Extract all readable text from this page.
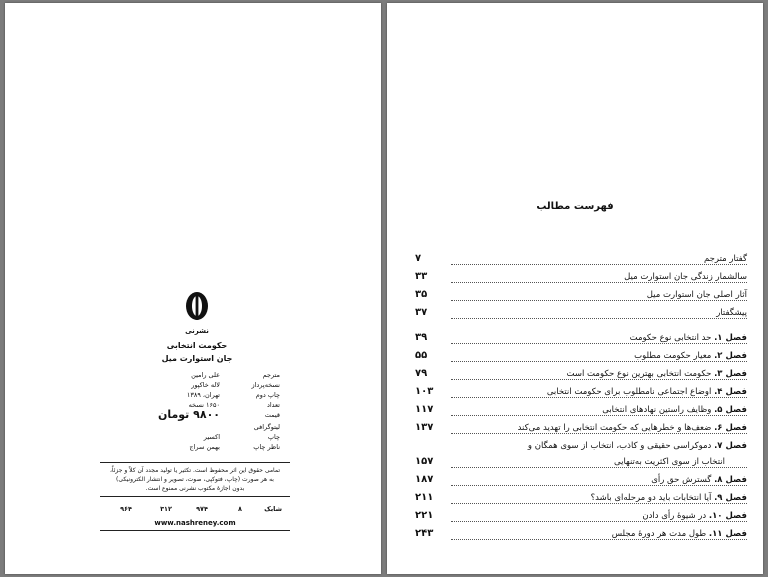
نشرنی
حکومت انتخابی
جان استوارت میل
مترجم
علی رامین
نسخه‌پرداز
لاله خاکپور
چاپ دوم
تهران، ۱۳۸۹
تعداد
۱۶۵۰ نسخه
قیمت
۹۸۰۰ تومان
لیتوگرافی
چاپ
اکسیر
ناظر چاپ
بهمن سراج
تمامی حقوق این اثر محفوظ است. تکثیر یا تولید مجدد آن کلاً و جزئاً،
به هر صورت (چاپ، فتوکپی، صوت، تصویر و انتشار الکترونیکی)
بدون اجازهٔ مکتوب نشرنی ممنوع است.
شابک
۸
۹۷۴
۳۱۲
۹۶۴
www.nashreney.com
فهرست مطالب
گفتار مترجم
۷
سالشمار زندگی جان استوارت میل
۳۳
آثار اصلی جان استوارت میل
۳۵
پیشگفتار
۳۷
فصل ۱. حد انتخابی نوع حکومت
۳۹
فصل ۲. معیار حکومت مطلوب
۵۵
فصل ۳. حکومت انتخابی بهترین نوع حکومت است
۷۹
فصل ۴. اوضاع اجتماعی نامطلوب برای حکومت انتخابی
۱۰۳
فصل ۵. وظایف راستین نهادهای انتخابی
۱۱۷
فصل ۶. ضعف‌ها و خطرهایی که حکومت انتخابی را تهدید می‌کند
۱۳۷
فصل ۷. دموکراسی حقیقی و کاذب، انتخاب از سوی همگان و
انتخاب از سوی اکثریت به‌تنهایی
۱۵۷
فصل ۸. گسترش حق رأی
۱۸۷
فصل ۹. آیا انتخابات باید دو مرحله‌ای باشد؟
۲۱۱
فصل ۱۰. در شیوهٔ رأی دادن
۲۲۱
فصل ۱۱. طول مدت هر دورهٔ مجلس
۲۴۳
